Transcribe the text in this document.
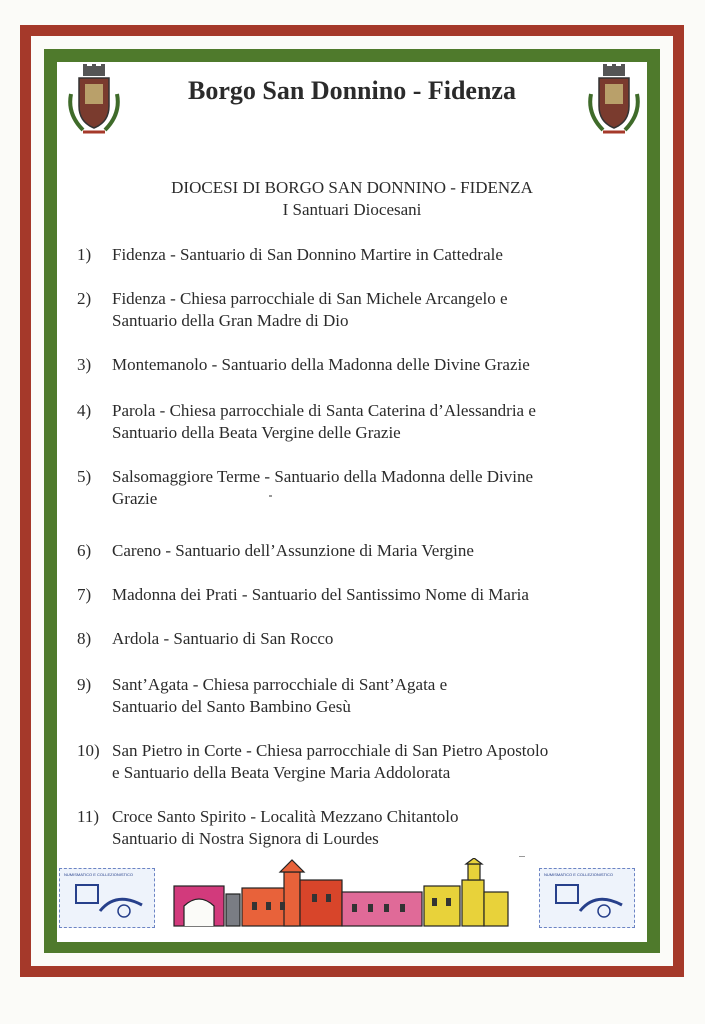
Borgo San Donnino - Fidenza
DIOCESI DI BORGO SAN DONNINO - FIDENZA
I Santuari Diocesani
1) Fidenza - Santuario di San Donnino Martire in Cattedrale
2) Fidenza - Chiesa parrocchiale di San Michele Arcangelo e
Santuario della Gran Madre di Dio
3) Montemanolo - Santuario della Madonna delle Divine Grazie
4) Parola - Chiesa parrocchiale di Santa Caterina d’Alessandria e
Santuario della Beata Vergine delle Grazie
5) Salsomaggiore Terme - Santuario della Madonna delle Divine
Grazie
6) Careno - Santuario dell’Assunzione di Maria Vergine
7) Madonna dei Prati - Santuario del Santissimo Nome di Maria
8) Ardola - Santuario di San Rocco
9) Sant’Agata - Chiesa parrocchiale di Sant’Agata e
Santuario del Santo Bambino Gesù
10) San Pietro in Corte - Chiesa parrocchiale di San Pietro Apostolo
e Santuario della Beata Vergine Maria Addolorata
11) Croce Santo Spirito - Località Mezzano Chitantolo
Santuario di Nostra Signora di Lourdes
NUMISMATICO E COLLEZIONISTICO	NUMISMATICO E COLLEZIONISTICO
